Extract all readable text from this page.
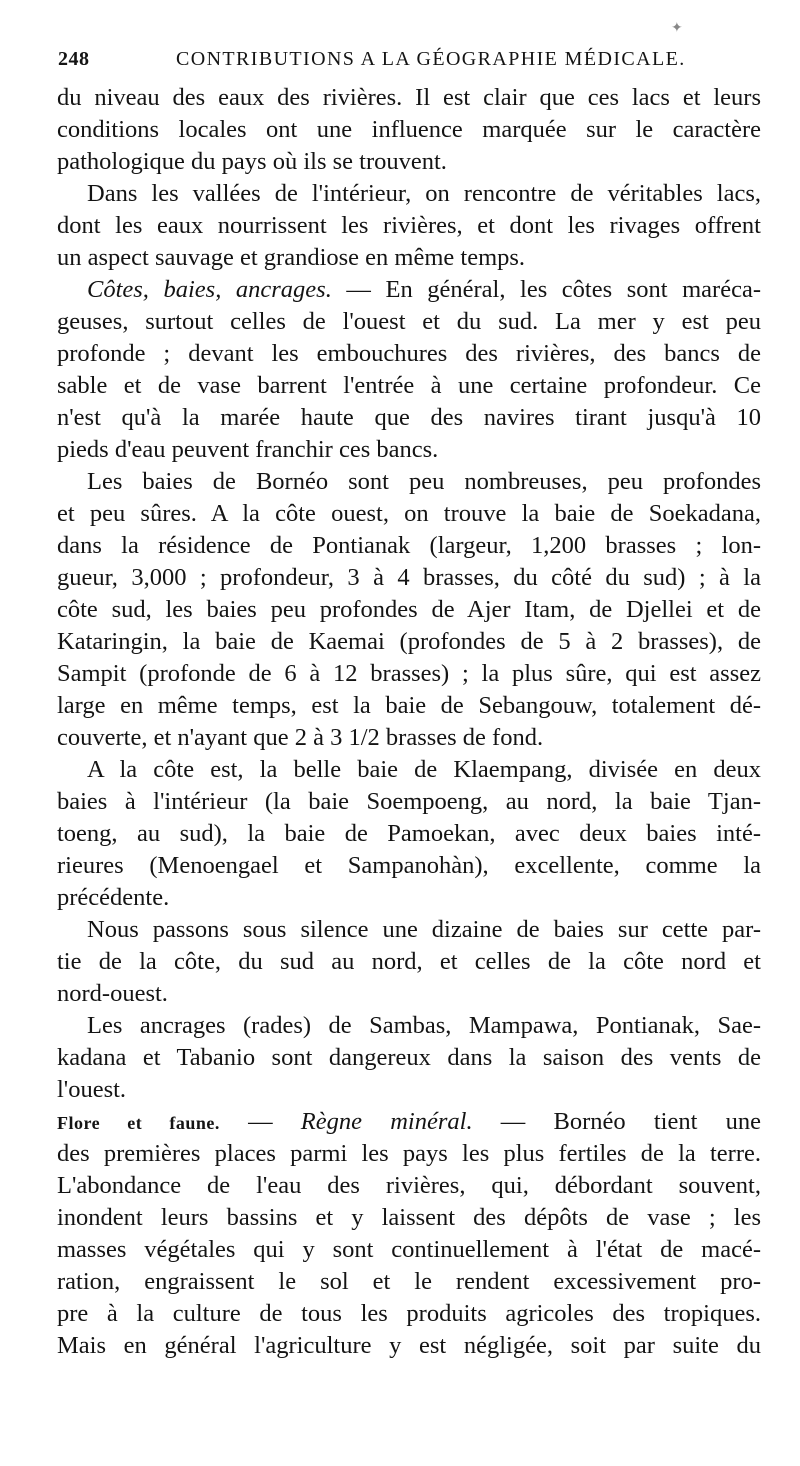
248	CONTRIBUTIONS A LA GÉOGRAPHIE MÉDICALE.
✦
du niveau des eaux des rivières. Il est clair que ces lacs et leurs
conditions locales ont une influence marquée sur le caractère
pathologique du pays où ils se trouvent.
Dans les vallées de l'intérieur, on rencontre de véritables lacs,
dont les eaux nourrissent les rivières, et dont les rivages offrent
un aspect sauvage et grandiose en même temps.
Côtes, baies, ancrages. — En général, les côtes sont maréca-
geuses, surtout celles de l'ouest et du sud. La mer y est peu
profonde ; devant les embouchures des rivières, des bancs de
sable et de vase barrent l'entrée à une certaine profondeur. Ce
n'est qu'à la marée haute que des navires tirant jusqu'à 10
pieds d'eau peuvent franchir ces bancs.
Les baies de Bornéo sont peu nombreuses, peu profondes
et peu sûres. A la côte ouest, on trouve la baie de Soekadana,
dans la résidence de Pontianak (largeur, 1,200 brasses ; lon-
gueur, 3,000 ; profondeur, 3 à 4 brasses, du côté du sud) ; à la
côte sud, les baies peu profondes de Ajer Itam, de Djellei et de
Kataringin, la baie de Kaemai (profondes de 5 à 2 brasses), de
Sampit (profonde de 6 à 12 brasses) ; la plus sûre, qui est assez
large en même temps, est la baie de Sebangouw, totalement dé-
couverte, et n'ayant que 2 à 3 1/2 brasses de fond.
A la côte est, la belle baie de Klaempang, divisée en deux
baies à l'intérieur (la baie Soempoeng, au nord, la baie Tjan-
toeng, au sud), la baie de Pamoekan, avec deux baies inté-
rieures (Menoengael et Sampanohàn), excellente, comme la
précédente.
Nous passons sous silence une dizaine de baies sur cette par-
tie de la côte, du sud au nord, et celles de la côte nord et
nord-ouest.
Les ancrages (rades) de Sambas, Mampawa, Pontianak, Sae-
kadana et Tabanio sont dangereux dans la saison des vents de
l'ouest.
Flore et faune. — Règne minéral. — Bornéo tient une
des premières places parmi les pays les plus fertiles de la terre.
L'abondance de l'eau des rivières, qui, débordant souvent,
inondent leurs bassins et y laissent des dépôts de vase ; les
masses végétales qui y sont continuellement à l'état de macé-
ration, engraissent le sol et le rendent excessivement pro-
pre à la culture de tous les produits agricoles des tropiques.
Mais en général l'agriculture y est négligée, soit par suite du
